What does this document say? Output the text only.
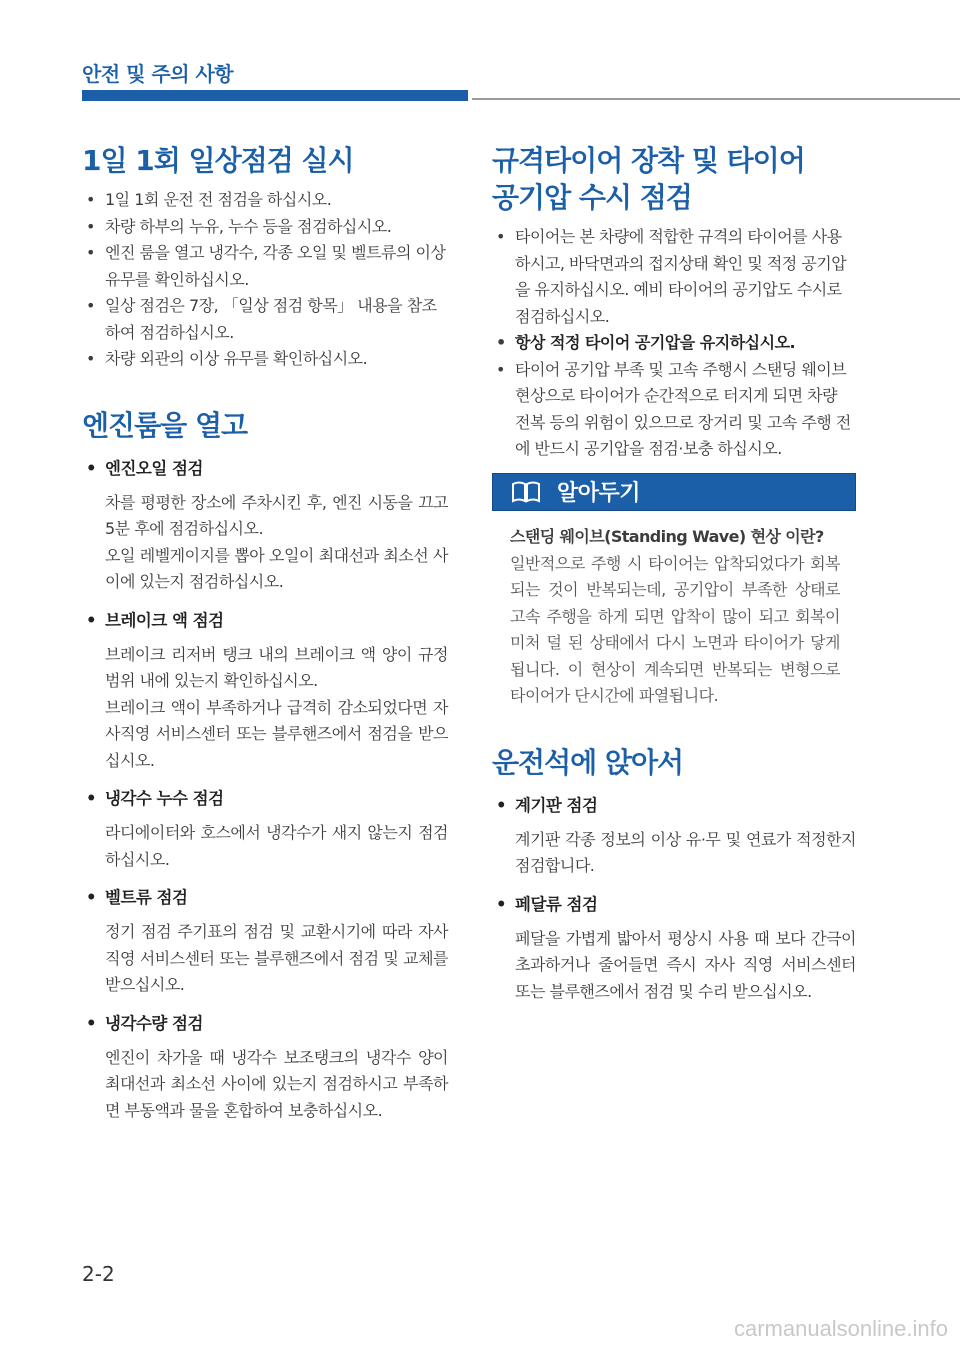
안전 및 주의 사항
1일 1회 일상점검 실시
• 1일 1회 운전 전 점검을 하십시오.
• 차량 하부의 누유, 누수 등을 점검하십시오.
• 엔진 룸을 열고 냉각수, 각종 오일 및 벨트류의 이상 유무를 확인하십시오.
• 일상 점검은 7장, 「일상 점검 항목」 내용을 참조하여 점검하십시오.
• 차량 외관의 이상 유무를 확인하십시오.
엔진룸을 열고
• 엔진오일 점검

차를 평평한 장소에 주차시킨 후, 엔진 시동을 끄고 5분 후에 점검하십시오.

오일 레벨게이지를 뽑아 오일이 최대선과 최소선 사이에 있는지 점검하십시오.

• 브레이크 액 점검

브레이크 리저버 탱크 내의 브레이크 액 양이 규정범위 내에 있는지 확인하십시오.

브레이크 액이 부족하거나 급격히 감소되었다면 자사직영 서비스센터 또는 블루핸즈에서 점검을 받으십시오.

• 냉각수 누수 점검

라디에이터와 호스에서 냉각수가 새지 않는지 점검하십시오.

• 벨트류 점검

정기 점검 주기표의 점검 및 교환시기에 따라 자사 직영 서비스센터 또는 블루핸즈에서 점검 및 교체를 받으십시오.

• 냉각수량 점검

엔진이 차가울 때 냉각수 보조탱크의 냉각수 양이 최대선과 최소선 사이에 있는지 점검하시고 부족하면 부동액과 물을 혼합하여 보충하십시오.

규격타이어 장착 및 타이어
공기압 수시 점검
• 타이어는 본 차량에 적합한 규격의 타이어를 사용하시고, 바닥면과의 접지상태 확인 및 적정 공기압을 유지하십시오. 예비 타이어의 공기압도 수시로 점검하십시오.
• 항상 적정 타이어 공기압을 유지하십시오.
• 타이어 공기압 부족 및 고속 주행시 스탠딩 웨이브 현상으로 타이어가 순간적으로 터지게 되면 차량 전복 등의 위험이 있으므로 장거리 및 고속 주행 전에 반드시 공기압을 점검·보충 하십시오.
알아두기
스탠딩 웨이브(Standing Wave) 현상 이란?
일반적으로 주행 시 타이어는 압착되었다가 회복되는 것이 반복되는데, 공기압이 부족한 상태로 고속 주행을 하게 되면 압착이 많이 되고 회복이 미처 덜 된 상태에서 다시 노면과 타이어가 닿게 됩니다. 이 현상이 계속되면 반복되는 변형으로 타이어가 단시간에 파열됩니다.
운전석에 앉아서
• 계기판 점검

계기판 각종 정보의 이상 유·무 및 연료가 적정한지 점검합니다.

• 페달류 점검

페달을 가볍게 밟아서 평상시 사용 때 보다 간극이 초과하거나 줄어들면 즉시 자사 직영 서비스센터 또는 블루핸즈에서 점검 및 수리 받으십시오.

2-2
carmanualsonline.info
